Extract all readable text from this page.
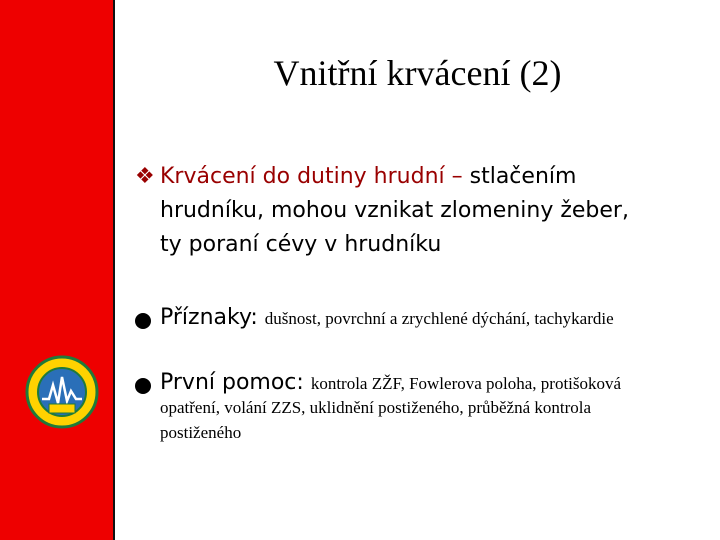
Vnitřní krvácení (2)
❖ Krvácení do dutiny hrudní – stlačením
hrudníku, mohou vznikat zlomeniny žeber,
ty poraní cévy v hrudníku
Příznaky: dušnost, povrchní a zrychlené dýchání, tachykardie
První pomoc: kontrola ZŽF, Fowlerova poloha, protišoková
opatření, volání ZZS, uklidnění postiženého, průběžná kontrola
postiženého
